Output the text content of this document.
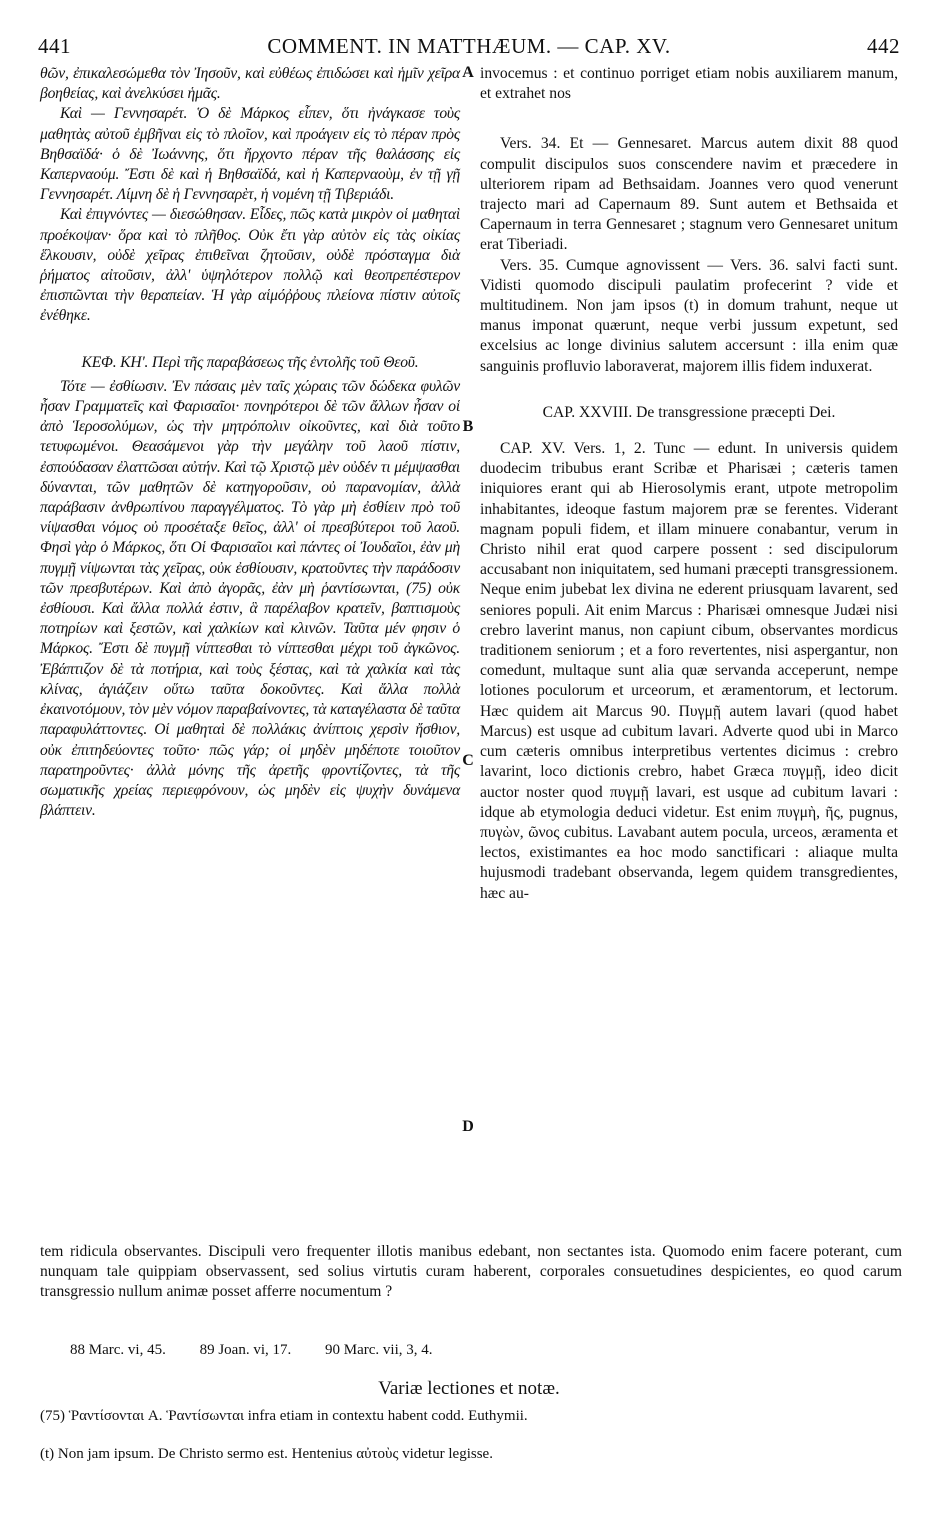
441	COMMENT. IN MATTHÆUM. — CAP. XV.	442

θῶν, ἐπικαλεσώμεθα τὸν Ἰησοῦν, καὶ εὐθέως ἐπιδώσει καὶ ἡμῖν χεῖρα βοηθείας, καὶ ἀνελκύσει ἡμᾶς.

Καὶ — Γεννησαρέτ. Ὁ δὲ Μάρκος εἶπεν, ὅτι ἠνάγκασε τοὺς μαθητὰς αὐτοῦ ἐμβῆναι εἰς τὸ πλοῖον, καὶ προάγειν εἰς τὸ πέραν πρὸς Βηθσαϊδά· ὁ δὲ Ἰωάννης, ὅτι ἤρχοντο πέραν τῆς θαλάσσης εἰς Καπερναούμ. Ἔστι δὲ καὶ ἡ Βηθσαϊδά, καὶ ἡ Καπερναοὺμ, ἐν τῇ γῇ Γεννησαρέτ. Λίμνη δὲ ἡ Γεννησαρὲτ, ἡ νομένη τῇ Τιβεριάδι.

Καὶ ἐπιγνόντες — διεσώθησαν. Εἶδες, πῶς κατὰ μικρὸν οἱ μαθηταὶ προέκοψαν· ὅρα καὶ τὸ πλῆθος. Οὐκ ἔτι γὰρ αὐτὸν εἰς τὰς οἰκίας ἕλκουσιν, οὐδὲ χεῖρας ἐπιθεῖναι ζητοῦσιν, οὐδὲ πρόσταγμα διὰ ῥήματος αἰτοῦσιν, ἀλλ' ὑψηλότερον πολλῷ καὶ θεοπρεπέστερον ἐπισπῶνται τὴν θεραπείαν. Ἡ γὰρ αἱμόῤῥους πλείονα πίστιν αὐτοῖς ἐνέθηκε.

ΚΕΦ. ΚΗ'. Περὶ τῆς παραβάσεως τῆς ἐντολῆς τοῦ Θεοῦ.

Τότε — ἐσθίωσιν. Ἐν πάσαις μὲν ταῖς χώραις τῶν δώδεκα φυλῶν ἦσαν Γραμματεῖς καὶ Φαρισαῖοι· πονηρότεροι δὲ τῶν ἄλλων ἦσαν οἱ ἀπὸ Ἱεροσολύμων, ὡς τὴν μητρόπολιν οἰκοῦντες, καὶ διὰ τοῦτο τετυφωμένοι. Θεασάμενοι γὰρ τὴν μεγάλην τοῦ λαοῦ πίστιν, ἐσπούδασαν ἐλαττῶσαι αὐτήν. Καὶ τῷ Χριστῷ μὲν οὐδέν τι μέμψασθαι δύνανται, τῶν μαθητῶν δὲ κατηγοροῦσιν, οὐ παρανομίαν, ἀλλὰ παράβασιν ἀνθρωπίνου παραγγέλματος. Τὸ γὰρ μὴ ἐσθίειν πρὸ τοῦ νίψασθαι νόμος οὐ προσέταξε θεῖος, ἀλλ' οἱ πρεσβύτεροι τοῦ λαοῦ. Φησὶ γὰρ ὁ Μάρκος, ὅτι Οἱ Φαρισαῖοι καὶ πάντες οἱ Ἰουδαῖοι, ἐὰν μὴ πυγμῇ νίψωνται τὰς χεῖρας, οὐκ ἐσθίουσιν, κρατοῦντες τὴν παράδοσιν τῶν πρεσβυτέρων. Καὶ ἀπὸ ἀγορᾶς, ἐὰν μὴ ῥαντίσωνται, (75) οὐκ ἐσθίουσι. Καὶ ἄλλα πολλά ἐστιν, ἃ παρέλαβον κρατεῖν, βαπτισμοὺς ποτηρίων καὶ ξεστῶν, καὶ χαλκίων καὶ κλινῶν. Ταῦτα μέν φησιν ὁ Μάρκος. Ἔστι δὲ πυγμῇ νίπτεσθαι τὸ νίπτεσθαι μέχρι τοῦ ἀγκῶνος. Ἐβάπτιζον δὲ τὰ ποτήρια, καὶ τοὺς ξέστας, καὶ τὰ χαλκία καὶ τὰς κλίνας, ἁγιάζειν οὕτω ταῦτα δοκοῦντες. Καὶ ἄλλα πολλὰ ἐκαινοτόμουν, τὸν μὲν νόμον παραβαίνοντες, τὰ καταγέλαστα δὲ ταῦτα παραφυλάττοντες. Οἱ μαθηταὶ δὲ πολλάκις ἀνίπτοις χερσὶν ἤσθιον, οὐκ ἐπιτηδεύοντες τοῦτο· πῶς γάρ; οἱ μηδὲν μηδέποτε τοιοῦτον παρατηροῦντες· ἀλλὰ μόνης τῆς ἀρετῆς φροντίζοντες, τὰ τῆς σωματικῆς χρείας περιεφρόνουν, ὡς μηδὲν εἰς ψυχὴν δυνάμενα βλάπτειν.

A
B
C
D

invocemus : et continuo porriget etiam nobis auxiliarem manum, et extrahet nos

Vers. 34. Et — Gennesaret. Marcus autem dixit 88 quod compulit discipulos suos conscendere navim et præcedere in ulteriorem ripam ad Bethsaidam. Joannes vero quod venerunt trajecto mari ad Capernaum 89. Sunt autem et Bethsaida et Capernaum in terra Gennesaret ; stagnum vero Gennesaret unitum erat Tiberiadi.

Vers. 35. Cumque agnovissent — Vers. 36. salvi facti sunt. Vidisti quomodo discipuli paulatim profecerint ? vide et multitudinem. Non jam ipsos (t) in domum trahunt, neque ut manus imponat quærunt, neque verbi jussum expetunt, sed excelsius ac longe divinius salutem accersunt : illa enim quæ sanguinis profluvio laboraverat, majorem illis fidem induxerat.

CAP. XXVIII. De transgressione præcepti Dei.

CAP. XV. Vers. 1, 2. Tunc — edunt. In universis quidem duodecim tribubus erant Scribæ et Pharisæi ; cæteris tamen iniquiores erant qui ab Hierosolymis erant, utpote metropolim inhabitantes, ideoque fastum majorem præ se ferentes. Viderant magnam populi fidem, et illam minuere conabantur, verum in Christo nihil erat quod carpere possent : sed discipulorum accusabant non iniquitatem, sed humani præcepti transgressionem. Neque enim jubebat lex divina ne ederent priusquam lavarent, sed seniores populi. Ait enim Marcus : Pharisæi omnesque Judæi nisi crebro laverint manus, non capiunt cibum, observantes mordicus traditionem seniorum ; et a foro revertentes, nisi aspergantur, non comedunt, multaque sunt alia quæ servanda acceperunt, nempe lotiones poculorum et urceorum, et æramentorum, et lectorum. Hæc quidem ait Marcus 90. Πυγμῇ autem lavari (quod habet Marcus) est usque ad cubitum lavari. Adverte quod ubi in Marco cum cæteris omnibus interpretibus vertentes dicimus : crebro lavarint, loco dictionis crebro, habet Græca πυγμῇ, ideo dicit auctor noster quod πυγμῇ lavari, est usque ad cubitum lavari : idque ab etymologia deduci videtur. Est enim πυγμὴ, ῆς, pugnus, πυγὼν, ῶνος cubitus. Lavabant autem pocula, urceos, æramenta et lectos, existimantes ea hoc modo sanctificari : aliaque multa hujusmodi tradebant observanda, legem quidem transgredientes, hæc au-

tem ridicula observantes. Discipuli vero frequenter illotis manibus edebant, non sectantes ista. Quomodo enim facere poterant, cum nunquam tale quippiam observassent, sed solius virtutis curam haberent, corporales consuetudines despicientes, eo quod carum transgressio nullum animæ posset afferre nocumentum ?
88 Marc. vi, 45. 89 Joan. vi, 17. 90 Marc. vii, 3, 4.
Variæ lectiones et notæ.
(75) Ῥαντίσονται A. Ῥαντίσωνται infra etiam in contextu habent codd. Euthymii.
(t) Non jam ipsum. De Christo sermo est. Hentenius αὐτοὺς videtur legisse.
